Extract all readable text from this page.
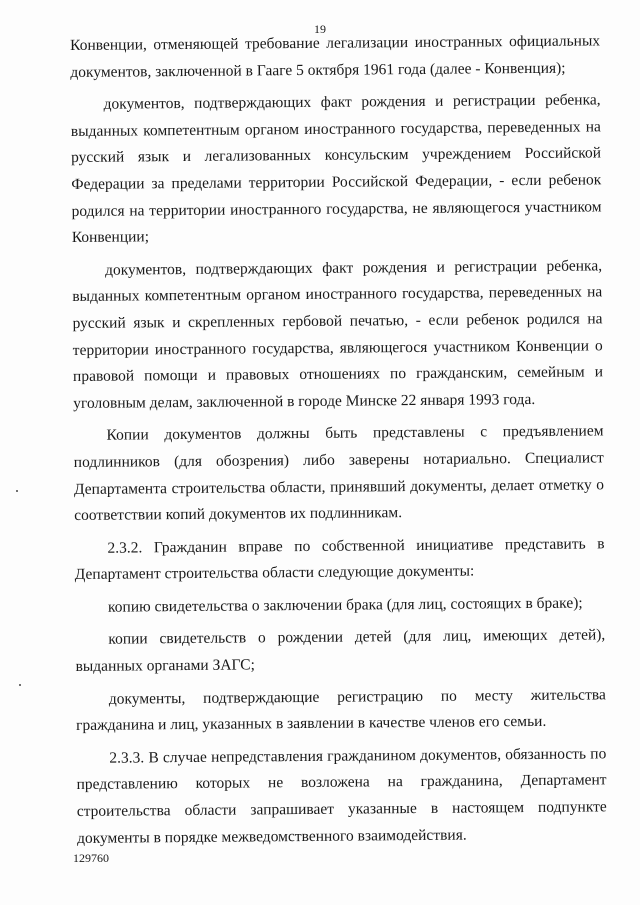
19

Конвенции, отменяющей требование легализации иностранных официальных документов, заключенной в Гааге 5 октября 1961 года (далее - Конвенция);

документов, подтверждающих факт рождения и регистрации ребенка, выданных компетентным органом иностранного государства, переведенных на русский язык и легализованных консульским учреждением Российской Федерации за пределами территории Российской Федерации, - если ребенок родился на территории иностранного государства, не являющегося участником Конвенции;

документов, подтверждающих факт рождения и регистрации ребенка, выданных компетентным органом иностранного государства, переведенных на русский язык и скрепленных гербовой печатью, - если ребенок родился на территории иностранного государства, являющегося участником Конвенции о правовой помощи и правовых отношениях по гражданским, семейным и уголовным делам, заключенной в городе Минске 22 января 1993 года.

Копии документов должны быть представлены с предъявлением подлинников (для обозрения) либо заверены нотариально. Специалист Департамента строительства области, принявший документы, делает отметку о соответствии копий документов их подлинникам.

2.3.2. Гражданин вправе по собственной инициативе представить в Департамент строительства области следующие документы:

копию свидетельства о заключении брака (для лиц, состоящих в браке);

копии свидетельств о рождении детей (для лиц, имеющих детей), выданных органами ЗАГС;

документы, подтверждающие регистрацию по месту жительства гражданина и лиц, указанных в заявлении в качестве членов его семьи.

2.3.3. В случае непредставления гражданином документов, обязанность по представлению которых не возложена на гражданина, Департамент строительства области запрашивает указанные в настоящем подпункте документы в порядке межведомственного взаимодействия.

129760
